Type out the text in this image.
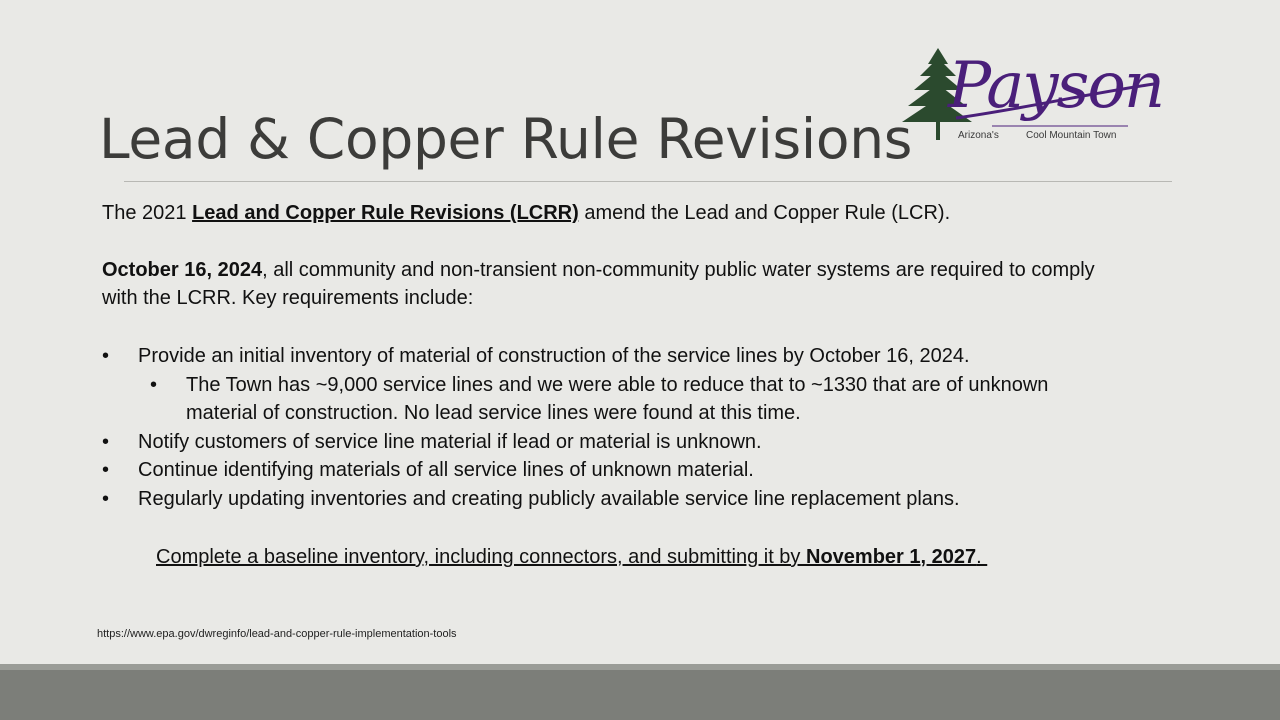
Lead & Copper Rule Revisions
Payson
Arizona's	Cool Mountain Town
The 2021 Lead and Copper Rule Revisions (LCRR) amend the Lead and Copper Rule (LCR).
October 16, 2024, all community and non-transient non-community public water systems are required to comply with the LCRR. Key requirements include:
• Provide an initial inventory of material of construction of the service lines by October 16, 2024.
• The Town has ~9,000 service lines and we were able to reduce that to ~1330 that are of unknown material of construction. No lead service lines were found at this time.
• Notify customers of service line material if lead or material is unknown.
• Continue identifying materials of all service lines of unknown material.
• Regularly updating inventories and creating publicly available service line replacement plans.
Complete a baseline inventory, including connectors, and submitting it by November 1, 2027.
https://www.epa.gov/dwreginfo/lead-and-copper-rule-implementation-tools
